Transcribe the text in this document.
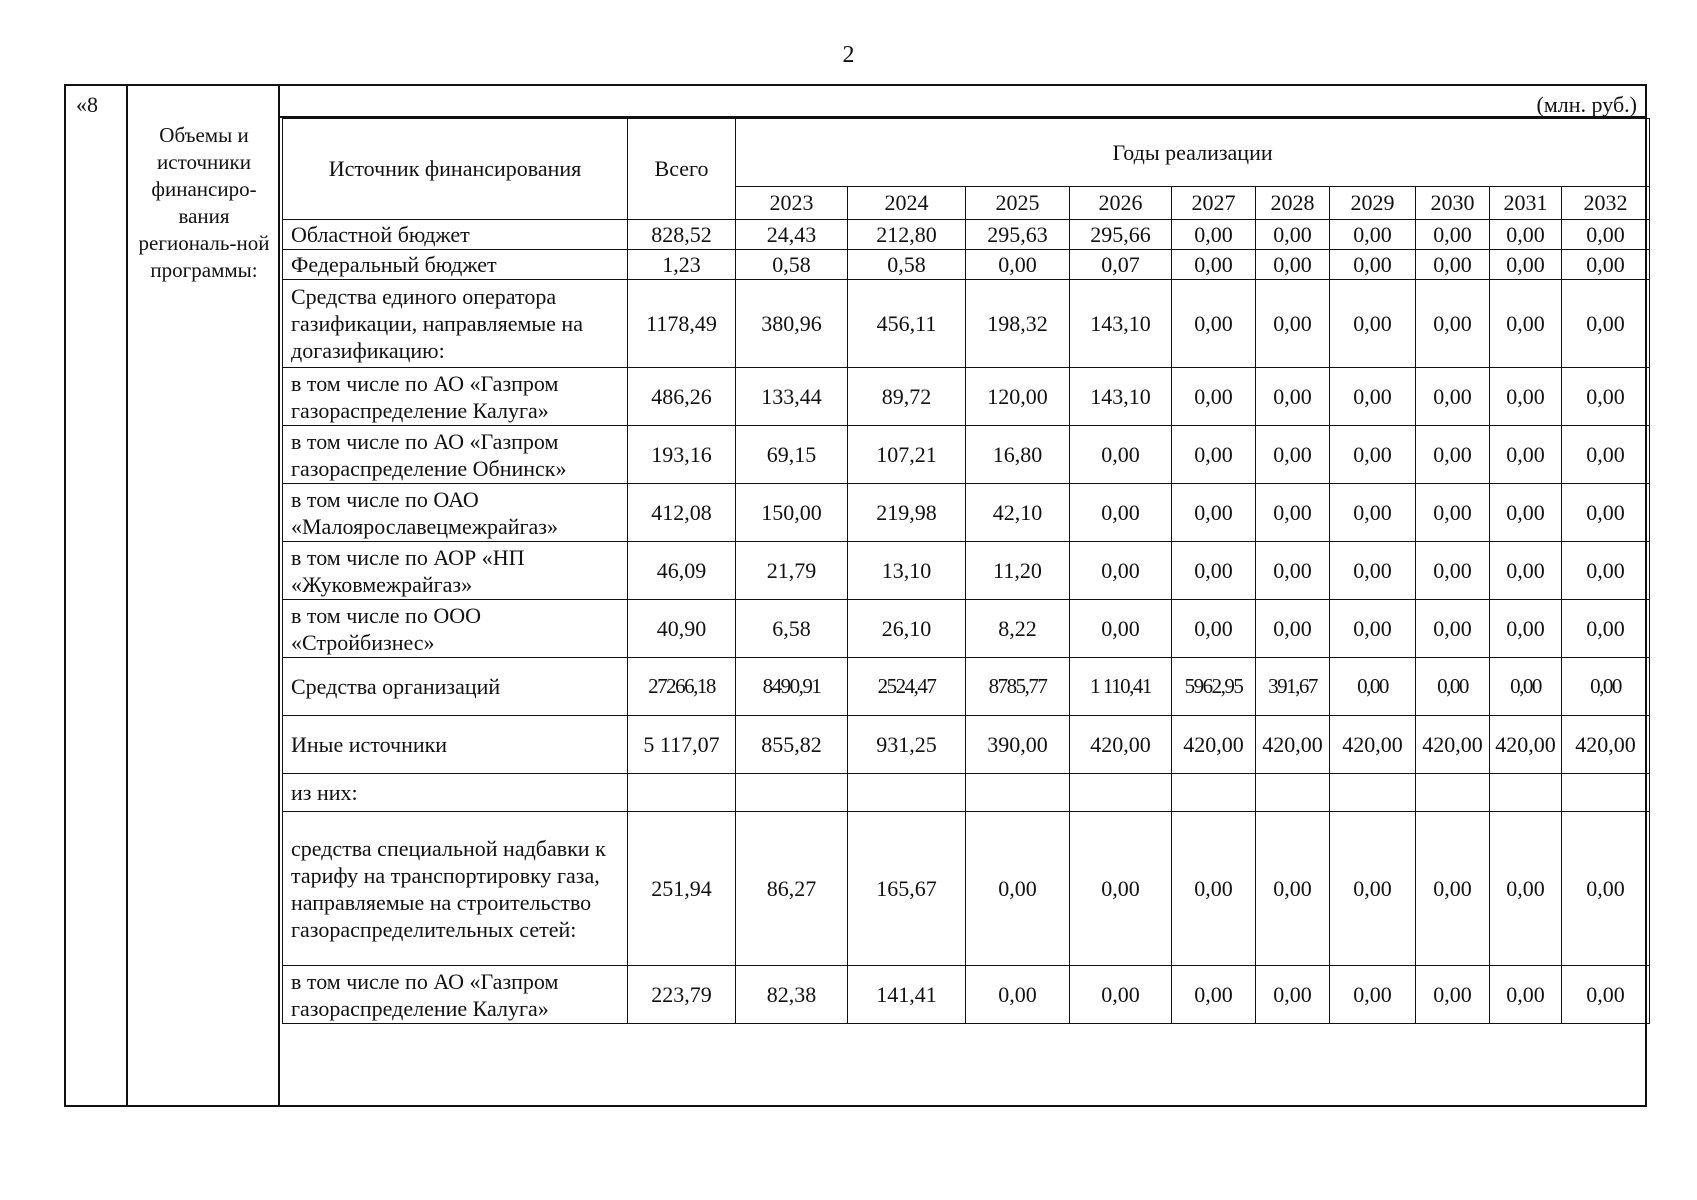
2
«8	(млн. руб.)
Объемы и источники финансиро-вания региональ-ной программы:
Источник финансирования	Всего	Годы реализации									
		2023	2024	2025	2026	2027	2028	2029	2030	2031	2032
Областной бюджет	828,52	24,43	212,80	295,63	295,66	0,00	0,00	0,00	0,00	0,00	0,00
Федеральный бюджет	1,23	0,58	0,58	0,00	0,07	0,00	0,00	0,00	0,00	0,00	0,00
Средства единого оператора газификации, направляемые на догазификацию:	1178,49	380,96	456,11	198,32	143,10	0,00	0,00	0,00	0,00	0,00	0,00
в том числе по АО «Газпром газораспределение Калуга»	486,26	133,44	89,72	120,00	143,10	0,00	0,00	0,00	0,00	0,00	0,00
в том числе по АО «Газпром газораспределение Обнинск»	193,16	69,15	107,21	16,80	0,00	0,00	0,00	0,00	0,00	0,00	0,00
в том числе по ОАО «Малоярославецмежрайгаз»	412,08	150,00	219,98	42,10	0,00	0,00	0,00	0,00	0,00	0,00	0,00
в том числе по АОР «НП «Жуковмежрайгаз»	46,09	21,79	13,10	11,20	0,00	0,00	0,00	0,00	0,00	0,00	0,00
в том числе по ООО «Стройбизнес»	40,90	6,58	26,10	8,22	0,00	0,00	0,00	0,00	0,00	0,00	0,00
Средства организаций	27266,18	8490,91	2524,47	8785,77	1 110,41	5962,95	391,67	0,00	0,00	0,00	0,00
Иные источники	5 117,07	855,82	931,25	390,00	420,00	420,00	420,00	420,00	420,00	420,00	420,00
из них:											
средства специальной надбавки к тарифу на транспортировку газа, направляемые на строительство газораспределительных сетей:	251,94	86,27	165,67	0,00	0,00	0,00	0,00	0,00	0,00	0,00	0,00
в том числе по АО «Газпром газораспределение Калуга»	223,79	82,38	141,41	0,00	0,00	0,00	0,00	0,00	0,00	0,00	0,00
